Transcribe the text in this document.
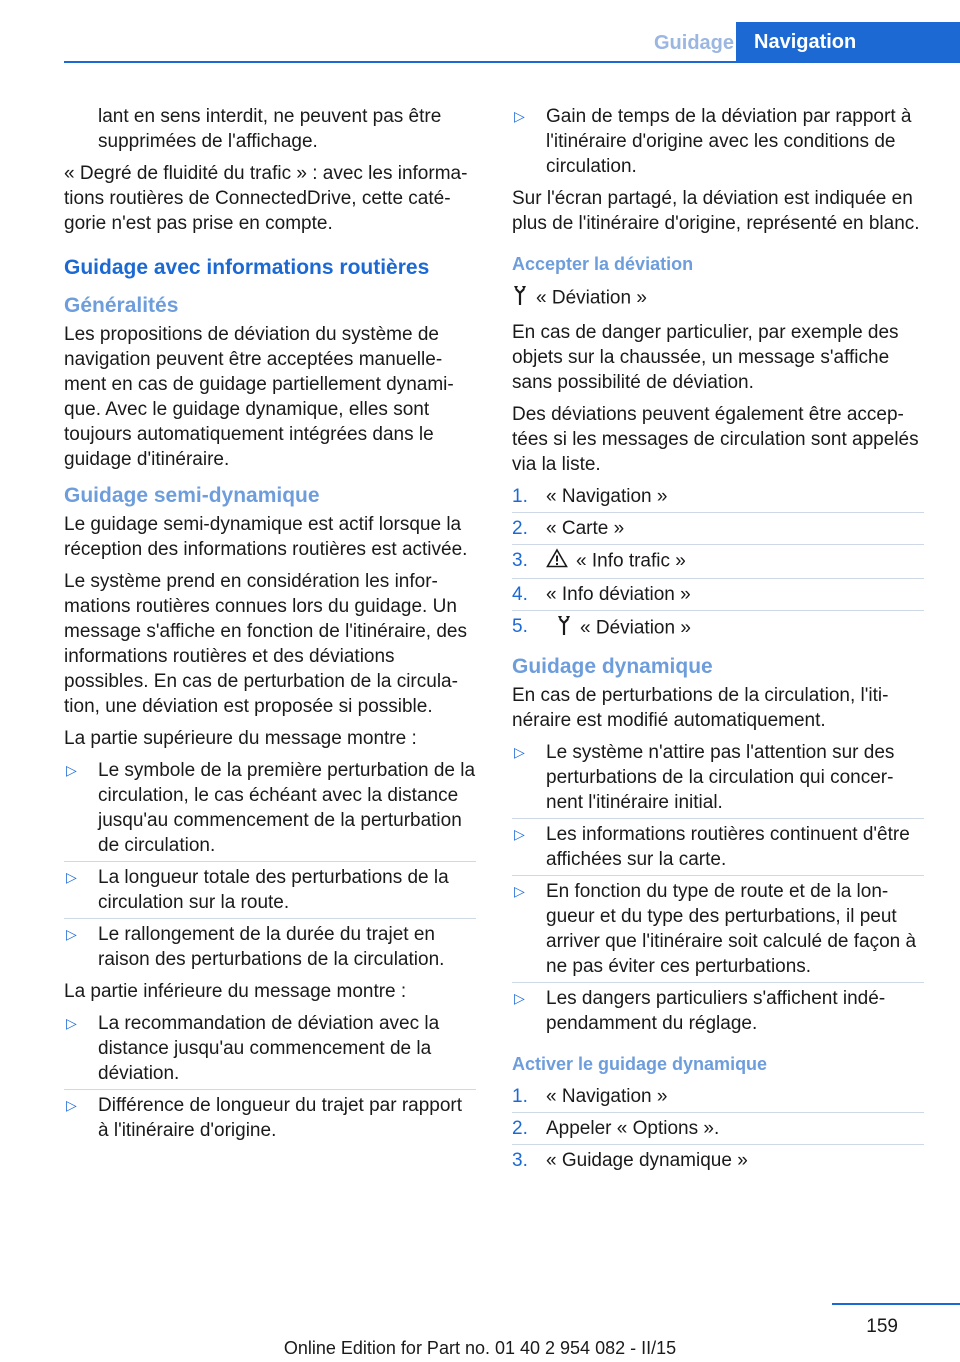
Guidage	Navigation

lant en sens interdit, ne peuvent pas être supprimées de l'affichage.

« Degré de fluidité du trafic » : avec les informations routières de ConnectedDrive, cette catégorie n'est pas prise en compte.

Guidage avec informations routières
Généralités

Les propositions de déviation du système de navigation peuvent être acceptées manuellement en cas de guidage partiellement dynamique. Avec le guidage dynamique, elles sont toujours automatiquement intégrées dans le guidage d'itinéraire.

Guidage semi-dynamique

Le guidage semi-dynamique est actif lorsque la réception des informations routières est activée.

Le système prend en considération les informations routières connues lors du guidage. Un message s'affiche en fonction de l'itinéraire, des informations routières et des déviations possibles. En cas de perturbation de la circulation, une déviation est proposée si possible.

La partie supérieure du message montre :

▷ Le symbole de la première perturbation de la circulation, le cas échéant avec la distance jusqu'au commencement de la perturbation de circulation.
▷ La longueur totale des perturbations de la circulation sur la route.
▷ Le rallongement de la durée du trajet en raison des perturbations de la circulation.

La partie inférieure du message montre :

▷ La recommandation de déviation avec la distance jusqu'au commencement de la déviation.
▷ Différence de longueur du trajet par rapport à l'itinéraire d'origine.
▷ Gain de temps de la déviation par rapport à l'itinéraire d'origine avec les conditions de circulation.

Sur l'écran partagé, la déviation est indiquée en plus de l'itinéraire d'origine, représenté en blanc.

Accepter la déviation
« Déviation »

En cas de danger particulier, par exemple des objets sur la chaussée, un message s'affiche sans possibilité de déviation.

Des déviations peuvent également être acceptées si les messages de circulation sont appelés via la liste.

1. « Navigation »
2. « Carte »
3.	« Info trafic »
4. « Info déviation »
5.	« Déviation »
Guidage dynamique

En cas de perturbations de la circulation, l'itinéraire est modifié automatiquement.

▷ Le système n'attire pas l'attention sur des perturbations de la circulation qui concernent l'itinéraire initial.
▷ Les informations routières continuent d'être affichées sur la carte.
▷ En fonction du type de route et de la longueur et du type des perturbations, il peut arriver que l'itinéraire soit calculé de façon à ne pas éviter ces perturbations.
▷ Les dangers particuliers s'affichent indépendamment du réglage.
Activer le guidage dynamique
1. « Navigation »
2. Appeler « Options ».
3. « Guidage dynamique »
159
Online Edition for Part no. 01 40 2 954 082 - II/15
